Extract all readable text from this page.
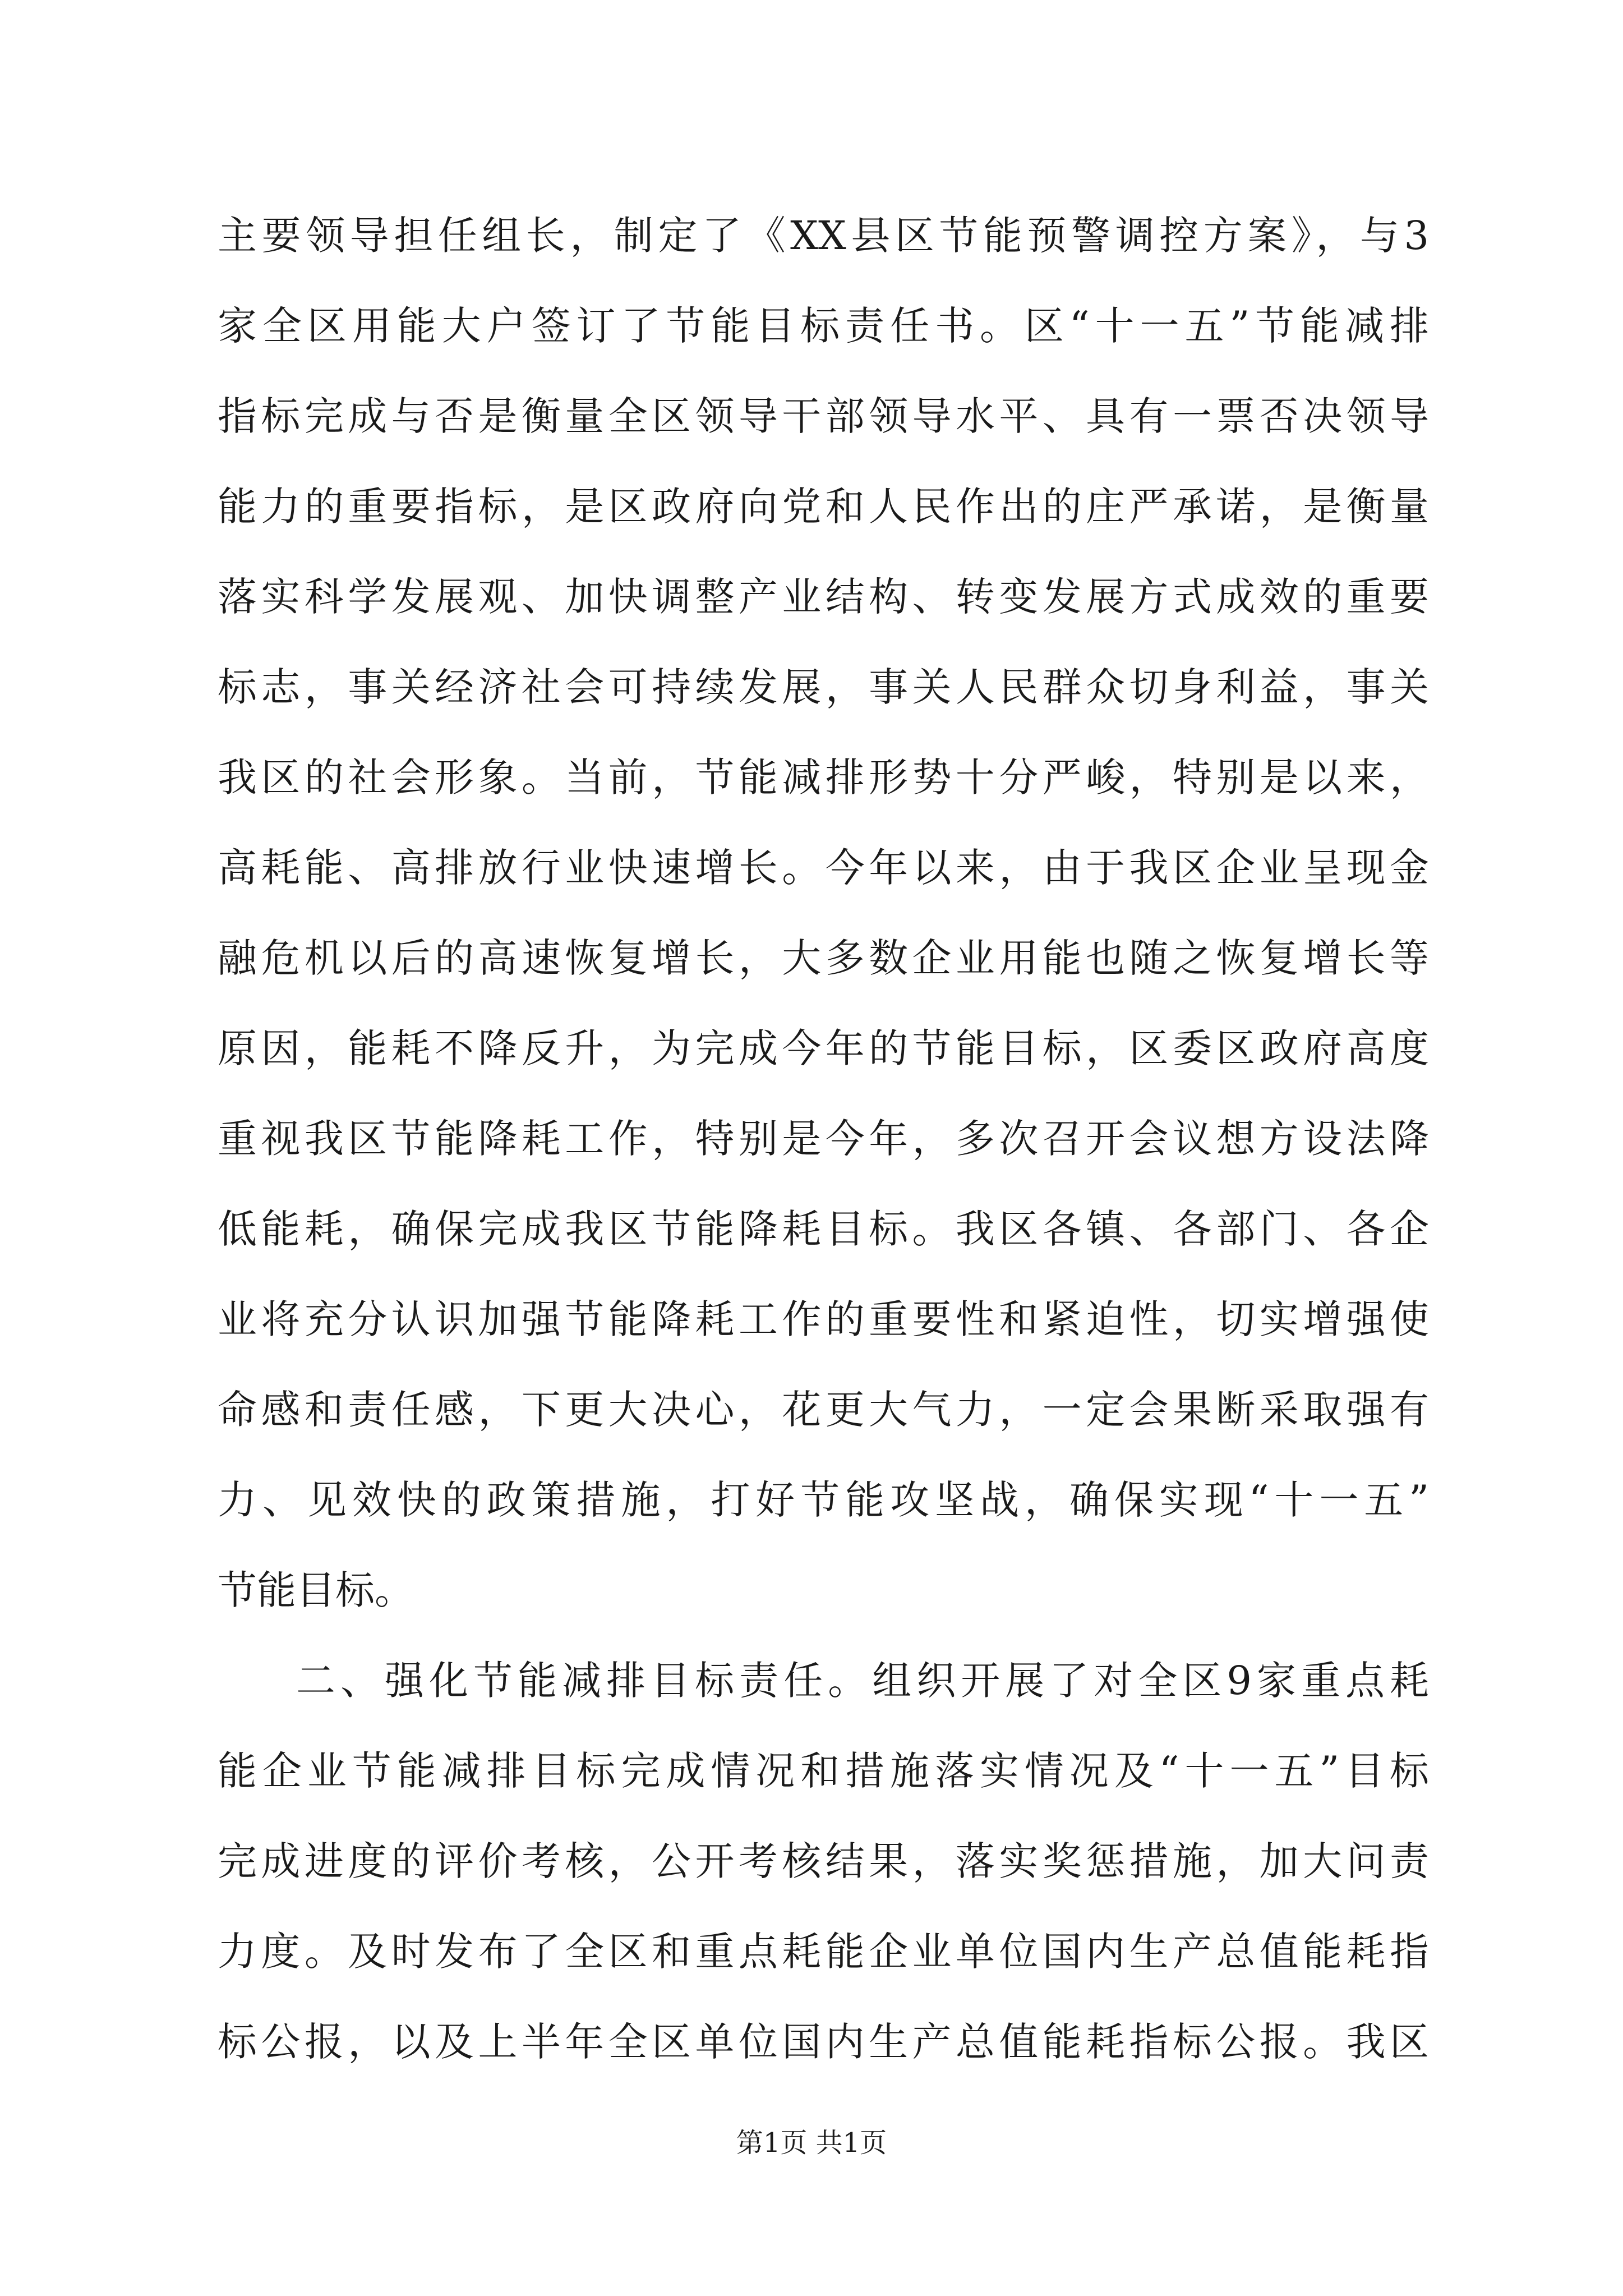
主要领导担任组长，制定了《XX县区节能预警调控方案》，与3
家全区用能大户签订了节能目标责任书。区“十一五”节能减排
指标完成与否是衡量全区领导干部领导水平、具有一票否决领导
能力的重要指标，是区政府向党和人民作出的庄严承诺，是衡量
落实科学发展观、加快调整产业结构、转变发展方式成效的重要
标志，事关经济社会可持续发展，事关人民群众切身利益，事关
我区的社会形象。当前，节能减排形势十分严峻，特别是以来，
高耗能、高排放行业快速增长。今年以来，由于我区企业呈现金
融危机以后的高速恢复增长，大多数企业用能也随之恢复增长等
原因，能耗不降反升，为完成今年的节能目标，区委区政府高度
重视我区节能降耗工作，特别是今年，多次召开会议想方设法降
低能耗，确保完成我区节能降耗目标。我区各镇、各部门、各企
业将充分认识加强节能降耗工作的重要性和紧迫性，切实增强使
命感和责任感，下更大决心，花更大气力，一定会果断采取强有
力、见效快的政策措施，打好节能攻坚战，确保实现“十一五”
节能目标。
二、强化节能减排目标责任。组织开展了对全区9家重点耗
能企业节能减排目标完成情况和措施落实情况及“十一五”目标
完成进度的评价考核，公开考核结果，落实奖惩措施，加大问责
力度。及时发布了全区和重点耗能企业单位国内生产总值能耗指
标公报，以及上半年全区单位国内生产总值能耗指标公报。我区
第1页 共1页
